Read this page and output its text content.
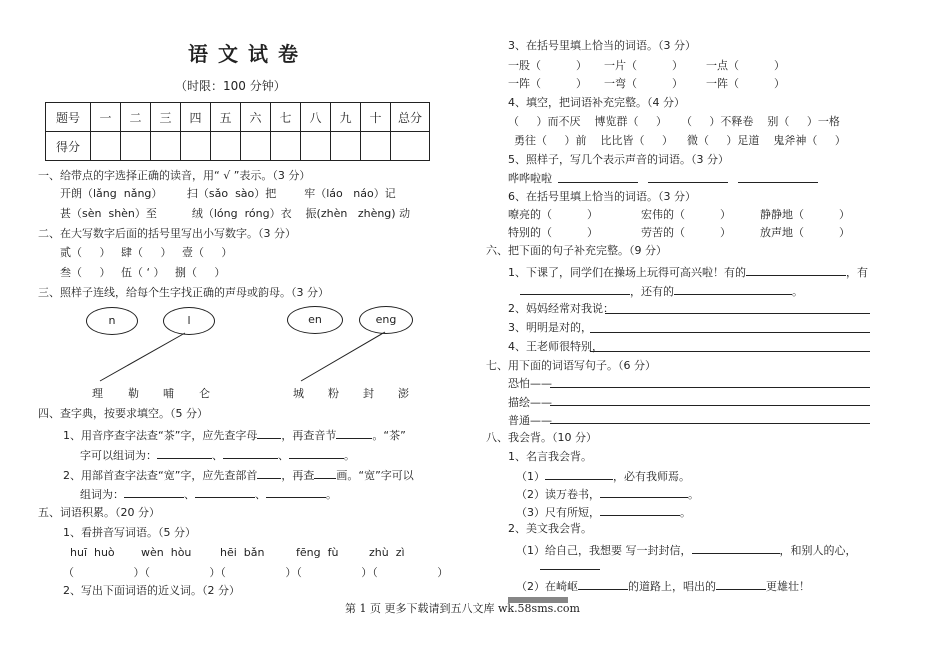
语文试卷
（时限：100 分钟）
题号	一	二	三	四	五	六	七	八	九	十	总分
得分											
一、给带点的字选择正确的读音，用“ √ ”表示。（3 分）
开朗（lǎng  nǎng）       扫（sǎo  sào）把        牢（láo   náo）记
甚（sèn  shèn）至          绒（lóng  róng）衣    振(zhèn   zhèng) 动
二、在大写数字后面的括号里写出小写数字。（3 分）
贰（     ）   肆（     ）   壹（     ）
叁（     ）   伍（ ‘ ）   捌（     ）
三、照样子连线，给每个生字找正确的声母或韵母。（3 分）
n	l	en	eng
理 勒 哺 仑	城 粉 封 澎
四、查字典，按要求填空。（5 分）
1、用音序查字法查“茶”字，应先查字母 ，再查音节	。“茶”
字可以组词为：	、	、	。
2、用部首查字法查“宽”字，应先查部首 ，再查 画。“宽”字可以
组词为：	、	、	。
五、词语积累。（20 分）
1、看拼音写词语。（5 分）
huī  huò wèn  hòu	hēi  bǎn	fēng  fù	zhù  zì
（                 ）（                 ）（                 ）（                 ）（                 ）
2、写出下面词语的近义词。（2 分）
3、在括号里填上恰当的词语。（3 分）
一股（          ） 一片（          ） 一点（          ）
一阵（          ） 一弯（          ） 一阵（          ）
4、填空，把词语补充完整。（4 分）
（     ）而不厌    博览群（     ）    （     ）不释卷    别（     ）一格
勇往（     ）前    比比皆（     ）    微（     ）足道    鬼斧神（     ）
5、照样子，写几个表示声音的词语。（3 分）
哗哗啦啦
6、在括号里填上恰当的词语。（3 分）
嘹亮的（          ）	宏伟的（          ）	静静地（          ）
特别的（          ）	劳苦的（          ）	放声地（          ）
六、把下面的句子补充完整。（9 分）
1、下课了，同学们在操场上玩得可高兴啦！有的	，有
，还有的	。
2、妈妈经常对我说：
3、明明是对的，
4、王老师很特别，
七、用下面的词语写句子。（6 分）
恐怕——
描绘——
普通——
八、我会背。（10 分）
1、名言我会背。
（1）	，必有我师焉。
（2）读万卷书，	。
（3）尺有所短，	。
2、美文我会背。
（1）给自己，我想要 写一封封信，	，和别人的心，
（2）在崎岖	的道路上，唱出的	更雄壮！
第 1 页 更多下载请到五八文库 wk.58sms.com
